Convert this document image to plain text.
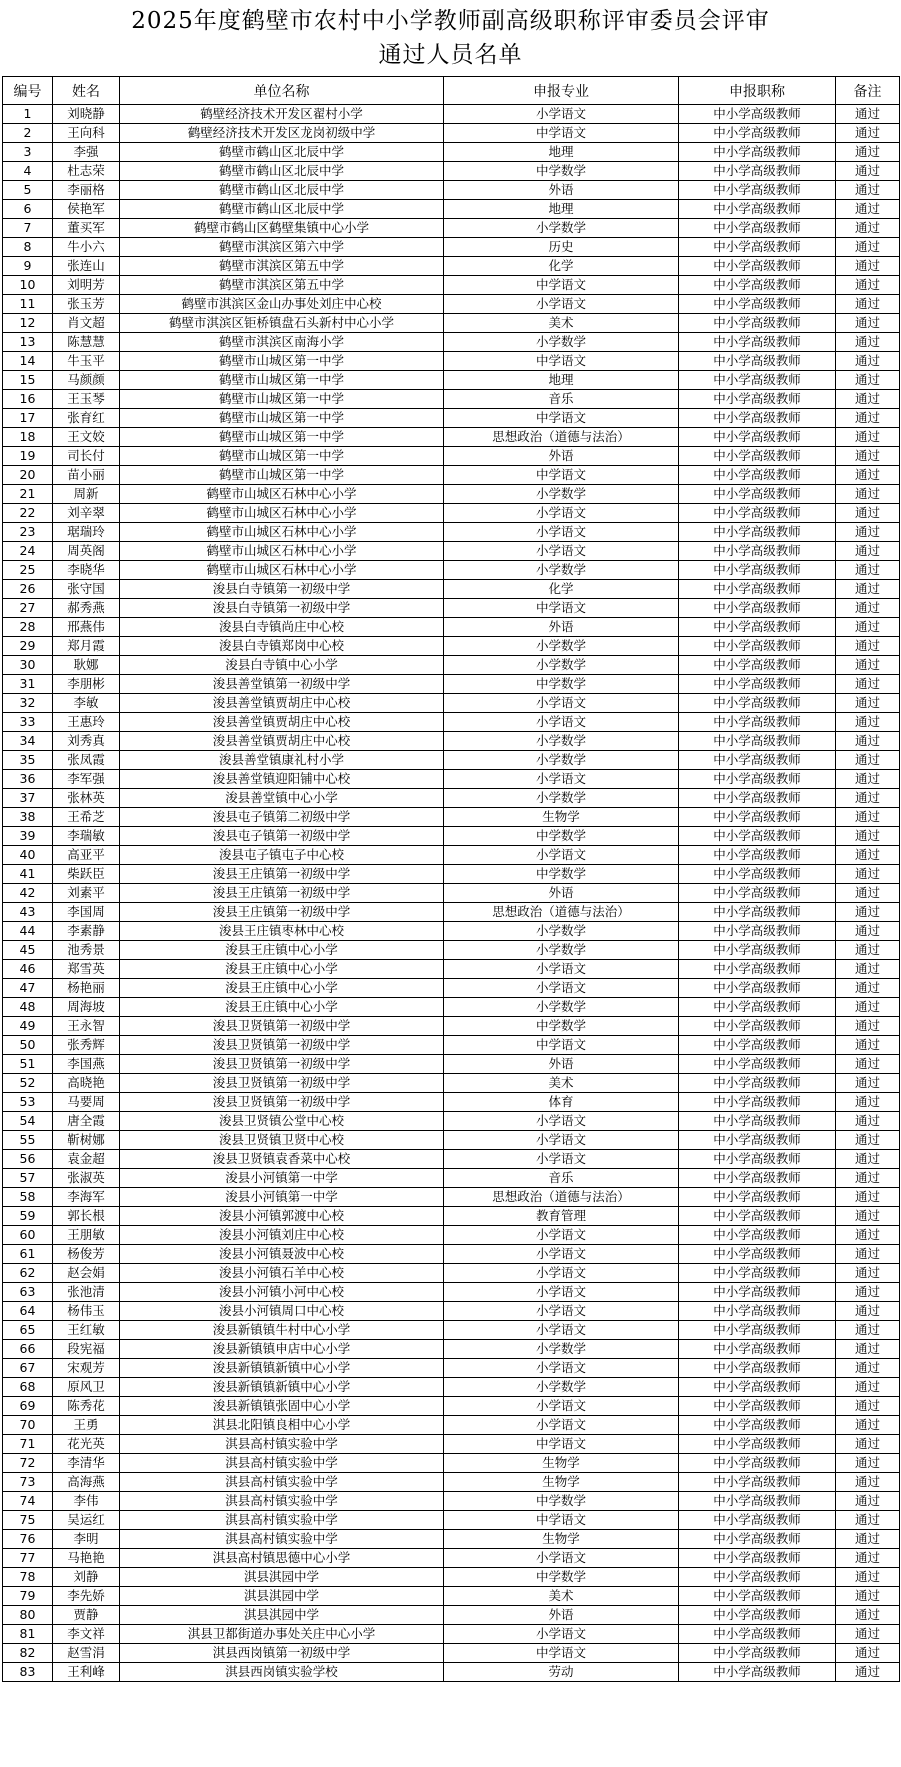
2025年度鹤壁市农村中小学教师副高级职称评审委员会评审
通过人员名单
编号	姓名	单位名称	申报专业	申报职称	备注
1	刘晓静	鹤壁经济技术开发区翟村小学	小学语文	中小学高级教师	通过
2	王向科	鹤壁经济技术开发区龙岗初级中学	中学语文	中小学高级教师	通过
3	李强	鹤壁市鹤山区北辰中学	地理	中小学高级教师	通过
4	杜志荣	鹤壁市鹤山区北辰中学	中学数学	中小学高级教师	通过
5	李丽格	鹤壁市鹤山区北辰中学	外语	中小学高级教师	通过
6	侯艳军	鹤壁市鹤山区北辰中学	地理	中小学高级教师	通过
7	董买军	鹤壁市鹤山区鹤壁集镇中心小学	小学数学	中小学高级教师	通过
8	牛小六	鹤壁市淇滨区第六中学	历史	中小学高级教师	通过
9	张连山	鹤壁市淇滨区第五中学	化学	中小学高级教师	通过
10	刘明芳	鹤壁市淇滨区第五中学	中学语文	中小学高级教师	通过
11	张玉芳	鹤壁市淇滨区金山办事处刘庄中心校	小学语文	中小学高级教师	通过
12	肖文超	鹤壁市淇滨区钜桥镇盘石头新村中心小学	美术	中小学高级教师	通过
13	陈慧慧	鹤壁市淇滨区南海小学	小学数学	中小学高级教师	通过
14	牛玉平	鹤壁市山城区第一中学	中学语文	中小学高级教师	通过
15	马颜颜	鹤壁市山城区第一中学	地理	中小学高级教师	通过
16	王玉琴	鹤壁市山城区第一中学	音乐	中小学高级教师	通过
17	张育红	鹤壁市山城区第一中学	中学语文	中小学高级教师	通过
18	王文姣	鹤壁市山城区第一中学	思想政治（道德与法治）	中小学高级教师	通过
19	司长付	鹤壁市山城区第一中学	外语	中小学高级教师	通过
20	苗小丽	鹤壁市山城区第一中学	中学语文	中小学高级教师	通过
21	周新	鹤壁市山城区石林中心小学	小学数学	中小学高级教师	通过
22	刘辛翠	鹤壁市山城区石林中心小学	小学语文	中小学高级教师	通过
23	琚瑞玲	鹤壁市山城区石林中心小学	小学语文	中小学高级教师	通过
24	周英阁	鹤壁市山城区石林中心小学	小学语文	中小学高级教师	通过
25	李晓华	鹤壁市山城区石林中心小学	小学数学	中小学高级教师	通过
26	张守国	浚县白寺镇第一初级中学	化学	中小学高级教师	通过
27	郝秀燕	浚县白寺镇第一初级中学	中学语文	中小学高级教师	通过
28	邢燕伟	浚县白寺镇尚庄中心校	外语	中小学高级教师	通过
29	郑月霞	浚县白寺镇郑岗中心校	小学数学	中小学高级教师	通过
30	耿娜	浚县白寺镇中心小学	小学数学	中小学高级教师	通过
31	李朋彬	浚县善堂镇第一初级中学	中学数学	中小学高级教师	通过
32	李敏	浚县善堂镇贾胡庄中心校	小学语文	中小学高级教师	通过
33	王惠玲	浚县善堂镇贾胡庄中心校	小学语文	中小学高级教师	通过
34	刘秀真	浚县善堂镇贾胡庄中心校	小学数学	中小学高级教师	通过
35	张凤霞	浚县善堂镇康礼村小学	小学数学	中小学高级教师	通过
36	李军强	浚县善堂镇迎阳铺中心校	小学语文	中小学高级教师	通过
37	张林英	浚县善堂镇中心小学	小学数学	中小学高级教师	通过
38	王希芝	浚县屯子镇第二初级中学	生物学	中小学高级教师	通过
39	李瑞敏	浚县屯子镇第一初级中学	中学数学	中小学高级教师	通过
40	高亚平	浚县屯子镇屯子中心校	小学语文	中小学高级教师	通过
41	柴跃臣	浚县王庄镇第一初级中学	中学数学	中小学高级教师	通过
42	刘素平	浚县王庄镇第一初级中学	外语	中小学高级教师	通过
43	李国周	浚县王庄镇第一初级中学	思想政治（道德与法治）	中小学高级教师	通过
44	李素静	浚县王庄镇枣林中心校	小学数学	中小学高级教师	通过
45	池秀景	浚县王庄镇中心小学	小学数学	中小学高级教师	通过
46	郑雪英	浚县王庄镇中心小学	小学语文	中小学高级教师	通过
47	杨艳丽	浚县王庄镇中心小学	小学语文	中小学高级教师	通过
48	周海坡	浚县王庄镇中心小学	小学数学	中小学高级教师	通过
49	王永智	浚县卫贤镇第一初级中学	中学数学	中小学高级教师	通过
50	张秀辉	浚县卫贤镇第一初级中学	中学语文	中小学高级教师	通过
51	李国燕	浚县卫贤镇第一初级中学	外语	中小学高级教师	通过
52	高晓艳	浚县卫贤镇第一初级中学	美术	中小学高级教师	通过
53	马要周	浚县卫贤镇第一初级中学	体育	中小学高级教师	通过
54	唐全霞	浚县卫贤镇公堂中心校	小学语文	中小学高级教师	通过
55	靳树娜	浚县卫贤镇卫贤中心校	小学语文	中小学高级教师	通过
56	袁金超	浚县卫贤镇袁香菜中心校	小学语文	中小学高级教师	通过
57	张淑英	浚县小河镇第一中学	音乐	中小学高级教师	通过
58	李海军	浚县小河镇第一中学	思想政治（道德与法治）	中小学高级教师	通过
59	郭长根	浚县小河镇郭渡中心校	教育管理	中小学高级教师	通过
60	王朋敏	浚县小河镇刘庄中心校	小学语文	中小学高级教师	通过
61	杨俊芳	浚县小河镇聂波中心校	小学语文	中小学高级教师	通过
62	赵会娟	浚县小河镇石羊中心校	小学语文	中小学高级教师	通过
63	张池清	浚县小河镇小河中心校	小学语文	中小学高级教师	通过
64	杨伟玉	浚县小河镇周口中心校	小学语文	中小学高级教师	通过
65	王红敏	浚县新镇镇牛村中心小学	小学语文	中小学高级教师	通过
66	段宪福	浚县新镇镇申店中心小学	小学数学	中小学高级教师	通过
67	宋观芳	浚县新镇镇新镇中心小学	小学语文	中小学高级教师	通过
68	原风卫	浚县新镇镇新镇中心小学	小学数学	中小学高级教师	通过
69	陈秀花	浚县新镇镇张固中心小学	小学语文	中小学高级教师	通过
70	王勇	淇县北阳镇良相中心小学	小学语文	中小学高级教师	通过
71	花光英	淇县高村镇实验中学	中学语文	中小学高级教师	通过
72	李清华	淇县高村镇实验中学	生物学	中小学高级教师	通过
73	高海燕	淇县高村镇实验中学	生物学	中小学高级教师	通过
74	李伟	淇县高村镇实验中学	中学数学	中小学高级教师	通过
75	吴运红	淇县高村镇实验中学	中学语文	中小学高级教师	通过
76	李明	淇县高村镇实验中学	生物学	中小学高级教师	通过
77	马艳艳	淇县高村镇思德中心小学	小学语文	中小学高级教师	通过
78	刘静	淇县淇园中学	中学数学	中小学高级教师	通过
79	李先娇	淇县淇园中学	美术	中小学高级教师	通过
80	贾静	淇县淇园中学	外语	中小学高级教师	通过
81	李文祥	淇县卫都街道办事处关庄中心小学	小学语文	中小学高级教师	通过
82	赵雪涓	淇县西岗镇第一初级中学	中学语文	中小学高级教师	通过
83	王利峰	淇县西岗镇实验学校	劳动	中小学高级教师	通过
